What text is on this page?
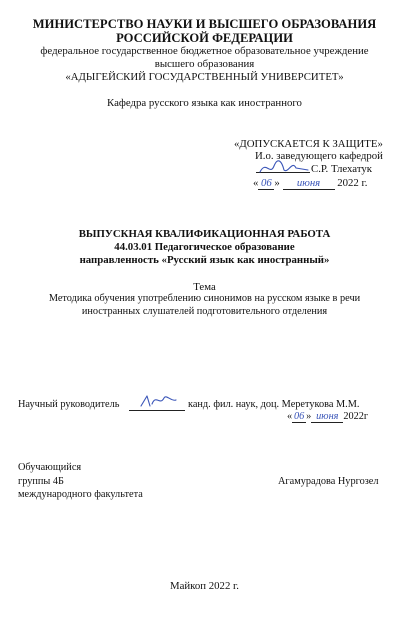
МИНИСТЕРСТВО НАУКИ И ВЫСШЕГО ОБРАЗОВАНИЯ
РОССИЙСКОЙ ФЕДЕРАЦИИ
федеральное государственное бюджетное образовательное учреждение
высшего образования
«АДЫГЕЙСКИЙ ГОСУДАРСТВЕННЫЙ УНИВЕРСИТЕТ»
Кафедра русского языка как иностранного
«ДОПУСКАЕТСЯ К ЗАЩИТЕ»
И.о. заведующего кафедрой
С.Р. Тлехатук
« 06 » июня 2022 г.
ВЫПУСКНАЯ КВАЛИФИКАЦИОННАЯ РАБОТА
44.03.01 Педагогическое образование
направленность «Русский язык как иностранный»
Тема
Методика обучения употреблению синонимов на русском языке в речи
иностранных слушателей подготовительного отделения
Научный руководитель	канд. фил. наук, доц. Меретукова М.М.
« 06 » июня 2022г
Обучающийся
группы 4Б
международного факультета
Агамурадова Нургозел
Майкоп 2022 г.
